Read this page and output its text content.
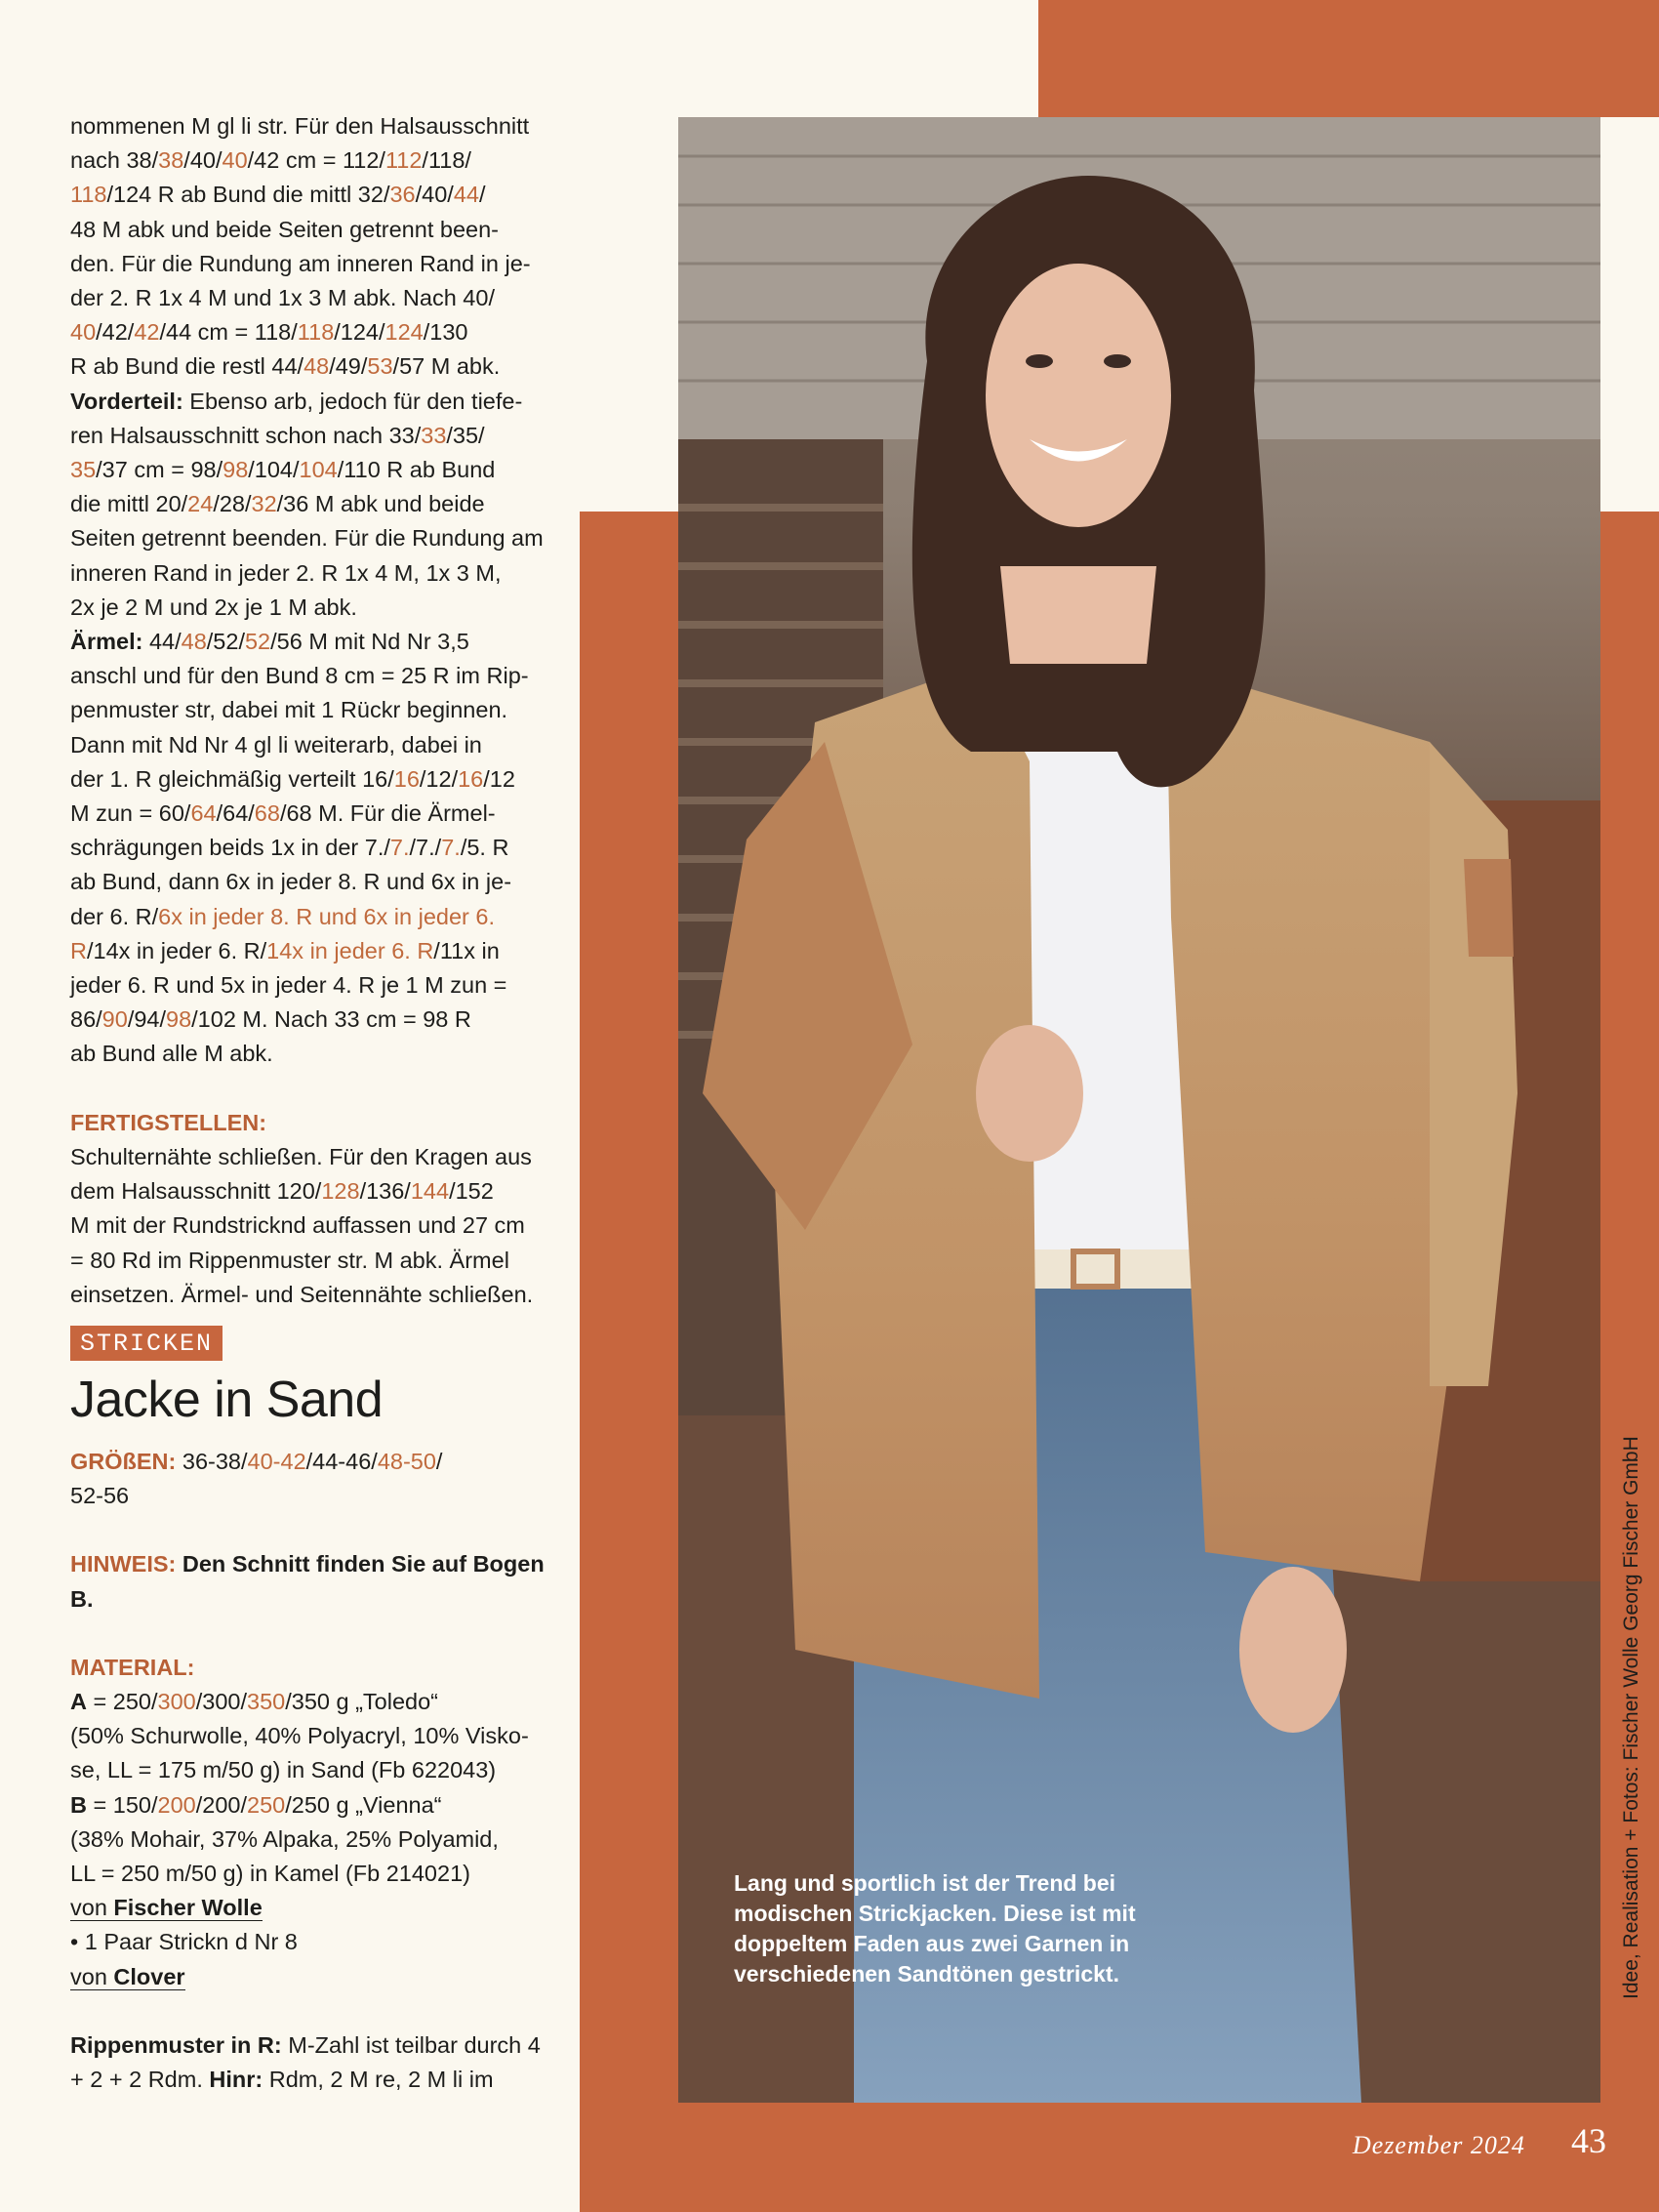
nommenen M gl li str. Für den Halsausschnitt

nach 38/38/40/40/42 cm = 112/112/118/

118/124 R ab Bund die mittl 32/36/40/44/

48 M abk und beide Seiten getrennt been-

den. Für die Rundung am inneren Rand in je-

der 2. R 1x 4 M und 1x 3 M abk. Nach 40/

40/42/42/44 cm = 118/118/124/124/130

R ab Bund die restl 44/48/49/53/57 M abk.

Vorderteil: Ebenso arb, jedoch für den tiefe-

ren Halsausschnitt schon nach 33/33/35/

35/37 cm = 98/98/104/104/110 R ab Bund

die mittl 20/24/28/32/36 M abk und beide

Seiten getrennt beenden. Für die Rundung am

inneren Rand in jeder 2. R 1x 4 M, 1x 3 M,

2x je 2 M und 2x je 1 M abk.

Ärmel: 44/48/52/52/56 M mit Nd Nr 3,5

anschl und für den Bund 8 cm = 25 R im Rip-

penmuster str, dabei mit 1 Rückr beginnen.

Dann mit Nd Nr 4 gl li weiterarb, dabei in

der 1. R gleichmäßig verteilt 16/16/12/16/12

M zun = 60/64/64/68/68 M. Für die Ärmel-

schrägungen beids 1x in der 7./7./7./7./5. R

ab Bund, dann 6x in jeder 8. R und 6x in je-

der 6. R/6x in jeder 8. R und 6x in jeder 6.

R/14x in jeder 6. R/14x in jeder 6. R/11x in

jeder 6. R und 5x in jeder 4. R je 1 M zun =

86/90/94/98/102 M. Nach 33 cm = 98 R

ab Bund alle M abk.

FERTIGSTELLEN:

Schulternähte schließen. Für den Kragen aus

dem Halsausschnitt 120/128/136/144/152

M mit der Rundstricknd auffassen und 27 cm

= 80 Rd im Rippenmuster str. M abk. Ärmel

einsetzen. Ärmel- und Seitennähte schließen.

STRICKEN
Jacke in Sand

GRÖßEN: 36-38/40-42/44-46/48-50/

52-56

HINWEIS: Den Schnitt finden Sie auf Bogen B.

MATERIAL:

A = 250/300/300/350/350 g „Toledo“

(50% Schurwolle, 40% Polyacryl, 10% Visko-

se, LL = 175 m/50 g) in Sand (Fb 622043)

B = 150/200/200/250/250 g „Vienna“

(38% Mohair, 37% Alpaka, 25% Polyamid,

LL = 250 m/50 g) in Kamel (Fb 214021)

von Fischer Wolle

• 1 Paar Strickn d Nr 8

von Clover

Rippenmuster in R: M-Zahl ist teilbar durch 4

+ 2 + 2 Rdm. Hinr: Rdm, 2 M re, 2 M li im

Lang und sportlich ist der Trend bei
modischen Strickjacken. Diese ist mit
doppeltem Faden aus zwei Garnen in
verschiedenen Sandtönen gestrickt.	Idee, Realisation + Fotos: Fischer Wolle Georg Fischer GmbH
Dezember 2024 43
